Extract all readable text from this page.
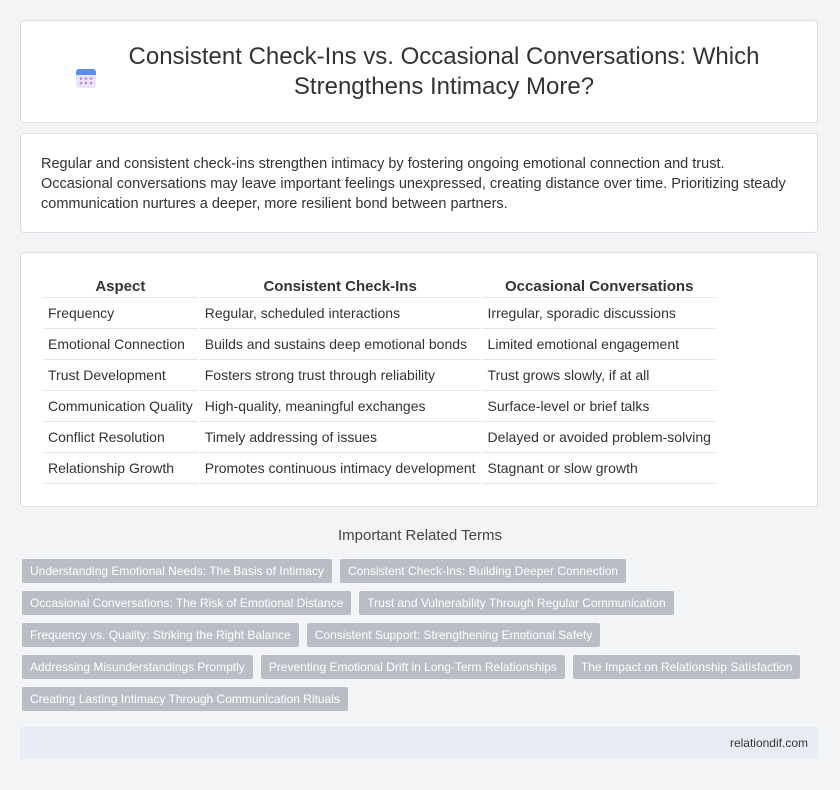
Consistent Check-Ins vs. Occasional Conversations: Which Strengthens Intimacy More?

Regular and consistent check-ins strengthen intimacy by fostering ongoing emotional connection and trust. Occasional conversations may leave important feelings unexpressed, creating distance over time. Prioritizing steady communication nurtures a deeper, more resilient bond between partners.

Aspect	Consistent Check-Ins	Occasional Conversations
Frequency	Regular, scheduled interactions	Irregular, sporadic discussions
Emotional Connection	Builds and sustains deep emotional bonds	Limited emotional engagement
Trust Development	Fosters strong trust through reliability	Trust grows slowly, if at all
Communication Quality	High-quality, meaningful exchanges	Surface-level or brief talks
Conflict Resolution	Timely addressing of issues	Delayed or avoided problem-solving
Relationship Growth	Promotes continuous intimacy development	Stagnant or slow growth
Important Related Terms
Understanding Emotional Needs: The Basis of Intimacy Consistent Check-Ins: Building Deeper Connection
Occasional Conversations: The Risk of Emotional Distance Trust and Vulnerability Through Regular Communication
Frequency vs. Quality: Striking the Right Balance Consistent Support: Strengthening Emotional Safety
Addressing Misunderstandings Promptly Preventing Emotional Drift in Long-Term Relationships The Impact on Relationship Satisfaction
Creating Lasting Intimacy Through Communication Rituals
relationdif.com
